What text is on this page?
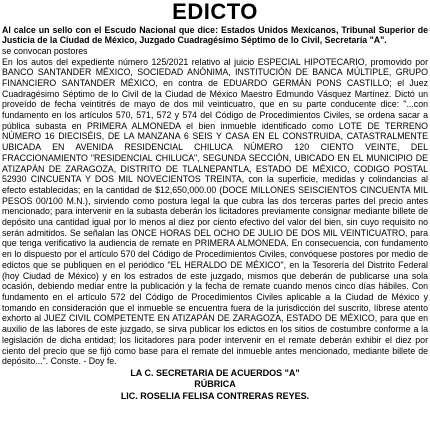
EDICTO

Al calce un sello con el Escudo Nacional que dice: Estados Unidos Mexicanos, Tribunal Superior de Justicia de la Ciudad de México, Juzgado Cuadragésimo Séptimo de lo Civil, Secretaría "A".

se convocan postores

En los autos del expediente número 125/2021 relativo al juicio ESPECIAL HIPOTECARIO, promovido por BANCO SANTANDER MÉXICO, SOCIEDAD ANÓNIMA, INSTITUCIÓN DE BANCA MÚLTIPLE, GRUPO FINANCIERO SANTANDER MÉXICO, en contra de EDUARDO GERMÁN PONS CASTILLO; el Juez Cuadragésimo Séptimo de lo Civil de la Ciudad de México Maestro Edmundo Vásquez Martínez. Dictó un proveído de fecha veintitrés de mayo de dos mil veinticuatro, que en su parte conducente dice: "...con fundamento en los artículos 570, 571, 572 y 574 del Código de Procedimientos Civiles, se ordena sacar a pública subasta en PRIMERA ALMONEDA el bien inmueble identificado como LOTE DE TERRENO NÚMERO 16 DIECISÉIS, DE LA MANZANA 6 SEIS Y CASA EN EL CONSTRUIDA, CATASTRALMENTE UBICADA EN AVENIDA RESIDENCIAL CHILUCA NÚMERO 120 CIENTO VEINTE, DEL FRACCIONAMIENTO "RESIDENCIAL CHILUCA", SEGUNDA SECCIÓN, UBICADO EN EL MUNICIPIO DE ATIZAPÁN DE ZARAGOZA, DISTRITO DE TLALNEPANTLA, ESTADO DE MÉXICO, CODIGO POSTAL 52930 CINCUENTA Y DOS MIL NOVECIENTOS TREINTA, con la superficie, medidas y colindancias al efecto establecidas; en la cantidad de $12,650,000.00 (DOCE MILLONES SEISCIENTOS CINCUENTA MIL PESOS 00/100 M.N.), sirviendo como postura legal la que cubra las dos terceras partes del precio antes mencionado; para intervenir en la subasta deberán los licitadores previamente consignar mediante billete de depósito una cantidad igual por lo menos al diez por ciento efectivo del valor del bien, sin cuyo requisito no serán admitidos. Se señalan las ONCE HORAS DEL OCHO DE JULIO DE DOS MIL VEINTICUATRO, para que tenga verificativo la audiencia de remate en PRIMERA ALMONEDA. En consecuencia, con fundamento en lo dispuesto por el artículo 570 del Código de Procedimientos Civiles, convóquese postores por medio de edictos que se publiquen en el periódico "EL HERALDO DE MÉXICO", en la Tesorería del Distrito Federal (hoy Ciudad de México) y en los estrados de este juzgado, mismos que deberán de publicarse una sola ocasión, debiendo mediar entre la publicación y la fecha de remate cuando menos cinco días hábiles. Con fundamento en el artículo 572 del Código de Procedimientos Civiles aplicable a la Ciudad de México y tomando en consideración que el inmueble se encuentra fuera de la jurisdicción del suscrito, líbrese atento exhorto al JUEZ CIVIL COMPETENTE EN ATIZAPÁN DE ZARAGOZA, ESTADO DE MÉXICO, para que en auxilio de las labores de este juzgado, se sirva publicar los edictos en los sitios de costumbre conforme a la legislación de dicha entidad; los licitadores para poder intervenir en el remate deberán exhibir el diez por ciento del precio que se fijó como base para el remate del inmueble antes mencionado, mediante billete de depósito...". Conste. - Doy fe.

LA C. SECRETARIA DE ACUERDOS "A"

RÚBRICA

LIC. ROSELIA FELISA CONTRERAS REYES.
